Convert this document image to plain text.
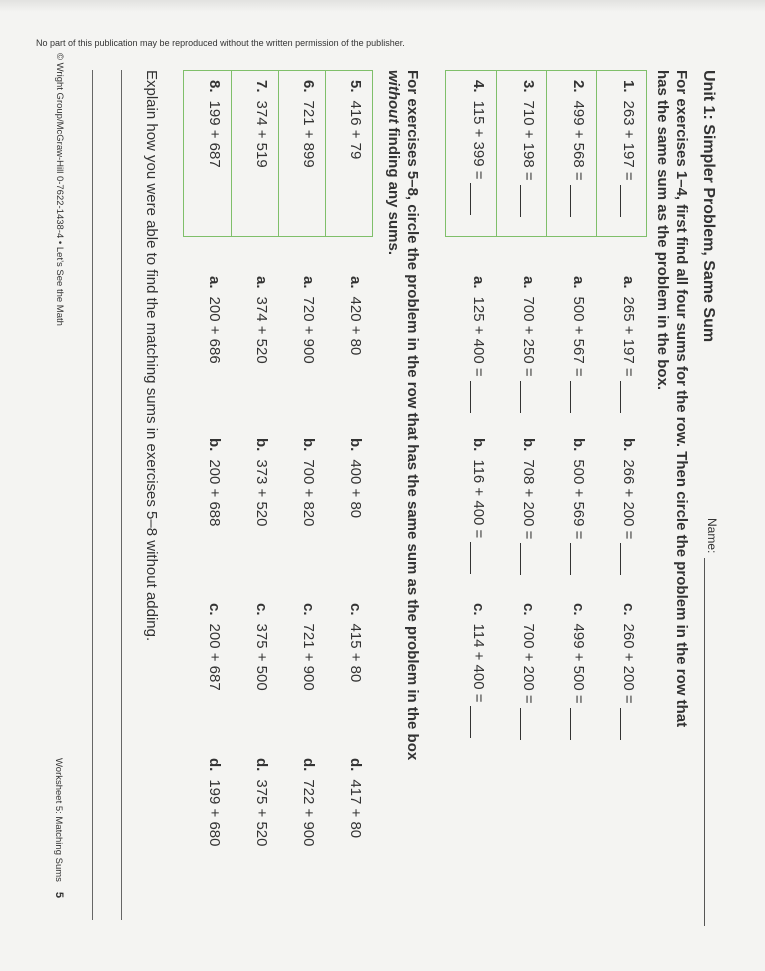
No part of this publication may be reproduced without the written permission of the publisher.
Unit 1: Simpler Problem, Same Sum
Name:
For exercises 1–4, first find all four sums for the row. Then circle the problem in the row that has the same sum as the problem in the box.
1.263 + 197 =
a.265 + 197 =
b.266 + 200 =
c.260 + 200 =
2.499 + 568 =
a.500 + 567 =
b.500 + 569 =
c.499 + 500 =
3.710 + 198 =
a.700 + 250 =
b.708 + 200 =
c.700 + 200 =
4.115 + 399 =
a.125 + 400 =
b.116 + 400 =
c.114 + 400 =
For exercises 5–8, circle the problem in the row that has the same sum as the problem in the box without finding any sums.
5.416 + 79
a.420 + 80
b.400 + 80
c.415 + 80
d.417 + 80
6.721 + 899
a.720 + 900
b.700 + 820
c.721 + 900
d.722 + 900
7.374 + 519
a.374 + 520
b.373 + 520
c.375 + 500
d.375 + 520
8.199 + 687
a.200 + 686
b.200 + 688
c.200 + 687
d.199 + 680
Explain how you were able to find the matching sums in exercises 5–8 without adding.
© Wright Group/McGraw-Hill 0-7622-1438-4 • Let’s See the Math
Worksheet 5: Matching Sums5
